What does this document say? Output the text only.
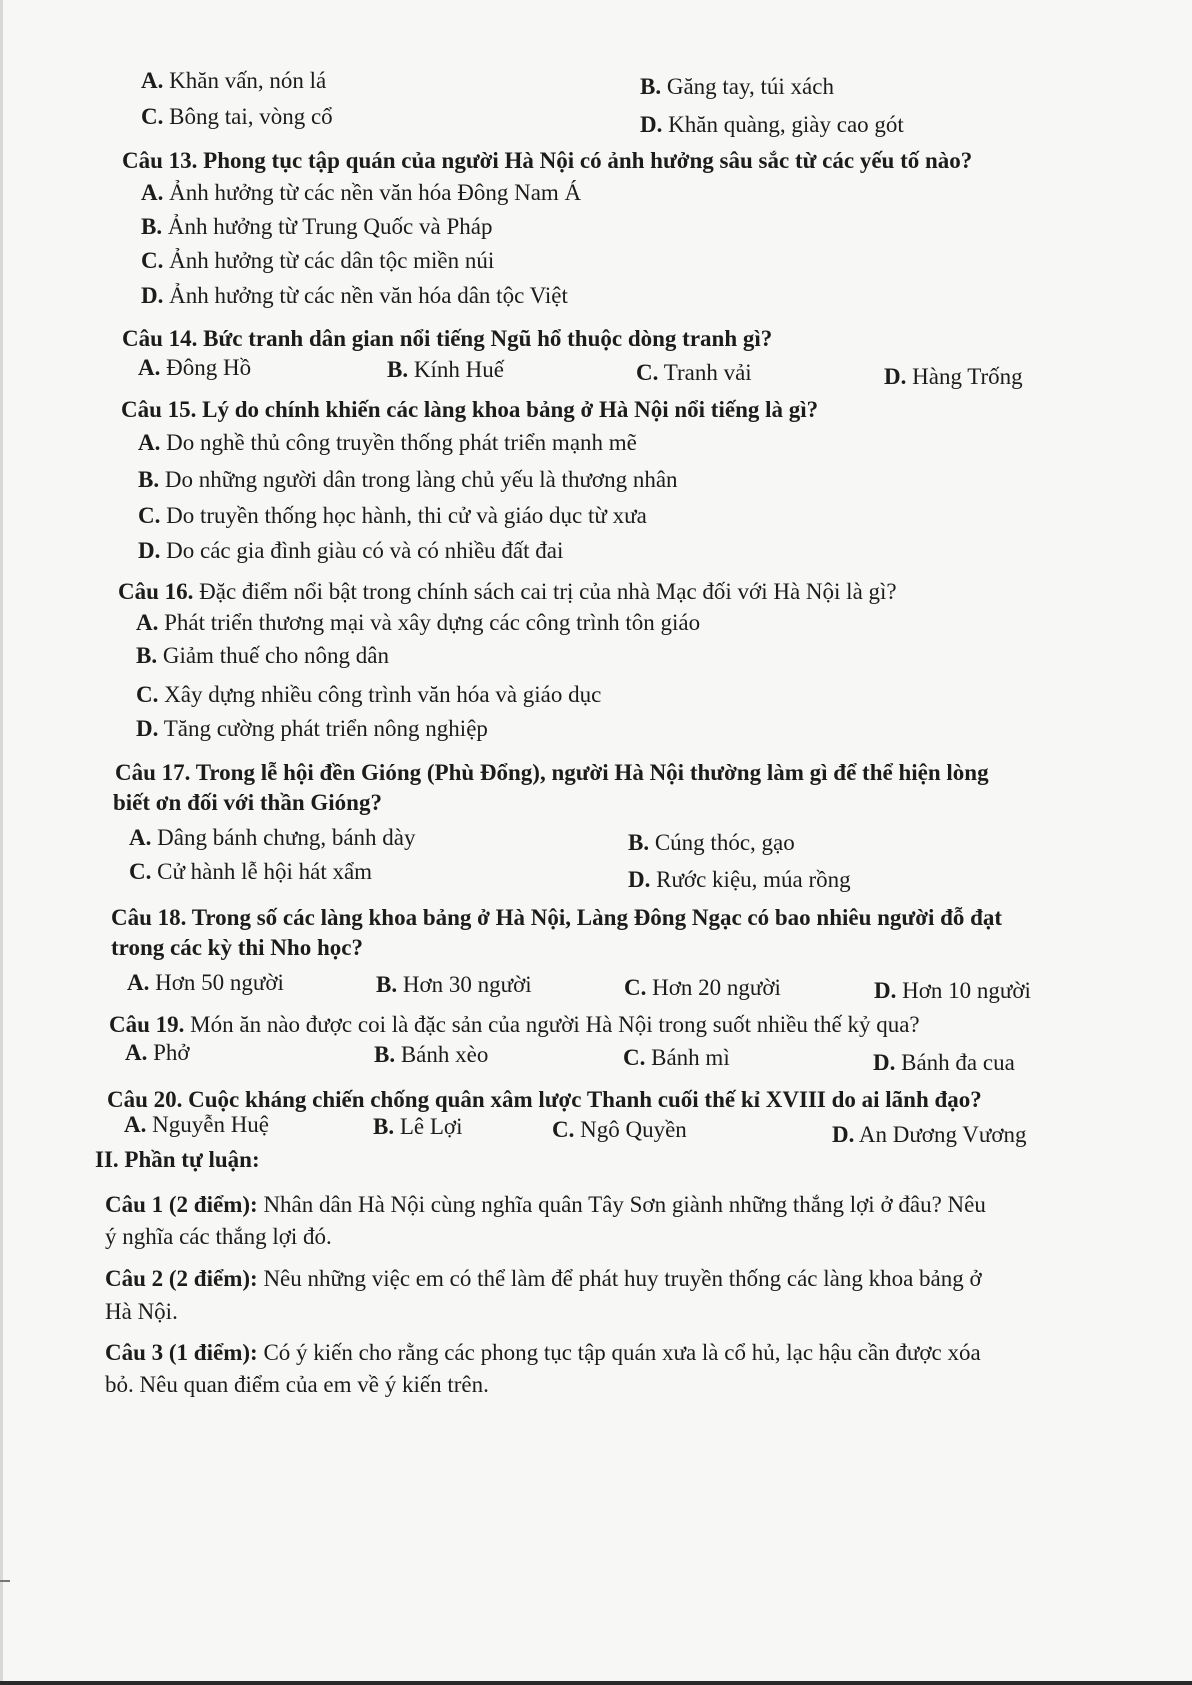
A. Khăn vấn, nón lá	B. Găng tay, túi xách
C. Bông tai, vòng cổ	D. Khăn quàng, giày cao gót
Câu 13. Phong tục tập quán của người Hà Nội có ảnh hưởng sâu sắc từ các yếu tố nào?
A. Ảnh hưởng từ các nền văn hóa Đông Nam Á
B. Ảnh hưởng từ Trung Quốc và Pháp
C. Ảnh hưởng từ các dân tộc miền núi
D. Ảnh hưởng từ các nền văn hóa dân tộc Việt
Câu 14. Bức tranh dân gian nổi tiếng Ngũ hổ thuộc dòng tranh gì?
A. Đông Hồ	B. Kính Huế	C. Tranh vải	D. Hàng Trống
Câu 15. Lý do chính khiến các làng khoa bảng ở Hà Nội nổi tiếng là gì?
A. Do nghề thủ công truyền thống phát triển mạnh mẽ
B. Do những người dân trong làng chủ yếu là thương nhân
C. Do truyền thống học hành, thi cử và giáo dục từ xưa
D. Do các gia đình giàu có và có nhiều đất đai
Câu 16. Đặc điểm nổi bật trong chính sách cai trị của nhà Mạc đối với Hà Nội là gì?
A. Phát triển thương mại và xây dựng các công trình tôn giáo
B. Giảm thuế cho nông dân
C. Xây dựng nhiều công trình văn hóa và giáo dục
D. Tăng cường phát triển nông nghiệp
Câu 17. Trong lễ hội đền Gióng (Phù Đổng), người Hà Nội thường làm gì để thể hiện lòng
biết ơn đối với thần Gióng?
A. Dâng bánh chưng, bánh dày	B. Cúng thóc, gạo
C. Cử hành lễ hội hát xẩm	D. Rước kiệu, múa rồng
Câu 18. Trong số các làng khoa bảng ở Hà Nội, Làng Đông Ngạc có bao nhiêu người đỗ đạt
trong các kỳ thi Nho học?
A. Hơn 50 người	B. Hơn 30 người	C. Hơn 20 người	D. Hơn 10 người
Câu 19. Món ăn nào được coi là đặc sản của người Hà Nội trong suốt nhiều thế kỷ qua?
A. Phở	B. Bánh xèo	C. Bánh mì	D. Bánh đa cua
Câu 20. Cuộc kháng chiến chống quân xâm lược Thanh cuối thế kỉ XVIII do ai lãnh đạo?
A. Nguyễn Huệ	B. Lê Lợi	C. Ngô Quyền	D. An Dương Vương
II. Phần tự luận:
Câu 1 (2 điểm): Nhân dân Hà Nội cùng nghĩa quân Tây Sơn giành những thắng lợi ở đâu? Nêu
ý nghĩa các thắng lợi đó.
Câu 2 (2 điểm): Nêu những việc em có thể làm để phát huy truyền thống các làng khoa bảng ở
Hà Nội.
Câu 3 (1 điểm): Có ý kiến cho rằng các phong tục tập quán xưa là cổ hủ, lạc hậu cần được xóa
bỏ. Nêu quan điểm của em về ý kiến trên.
